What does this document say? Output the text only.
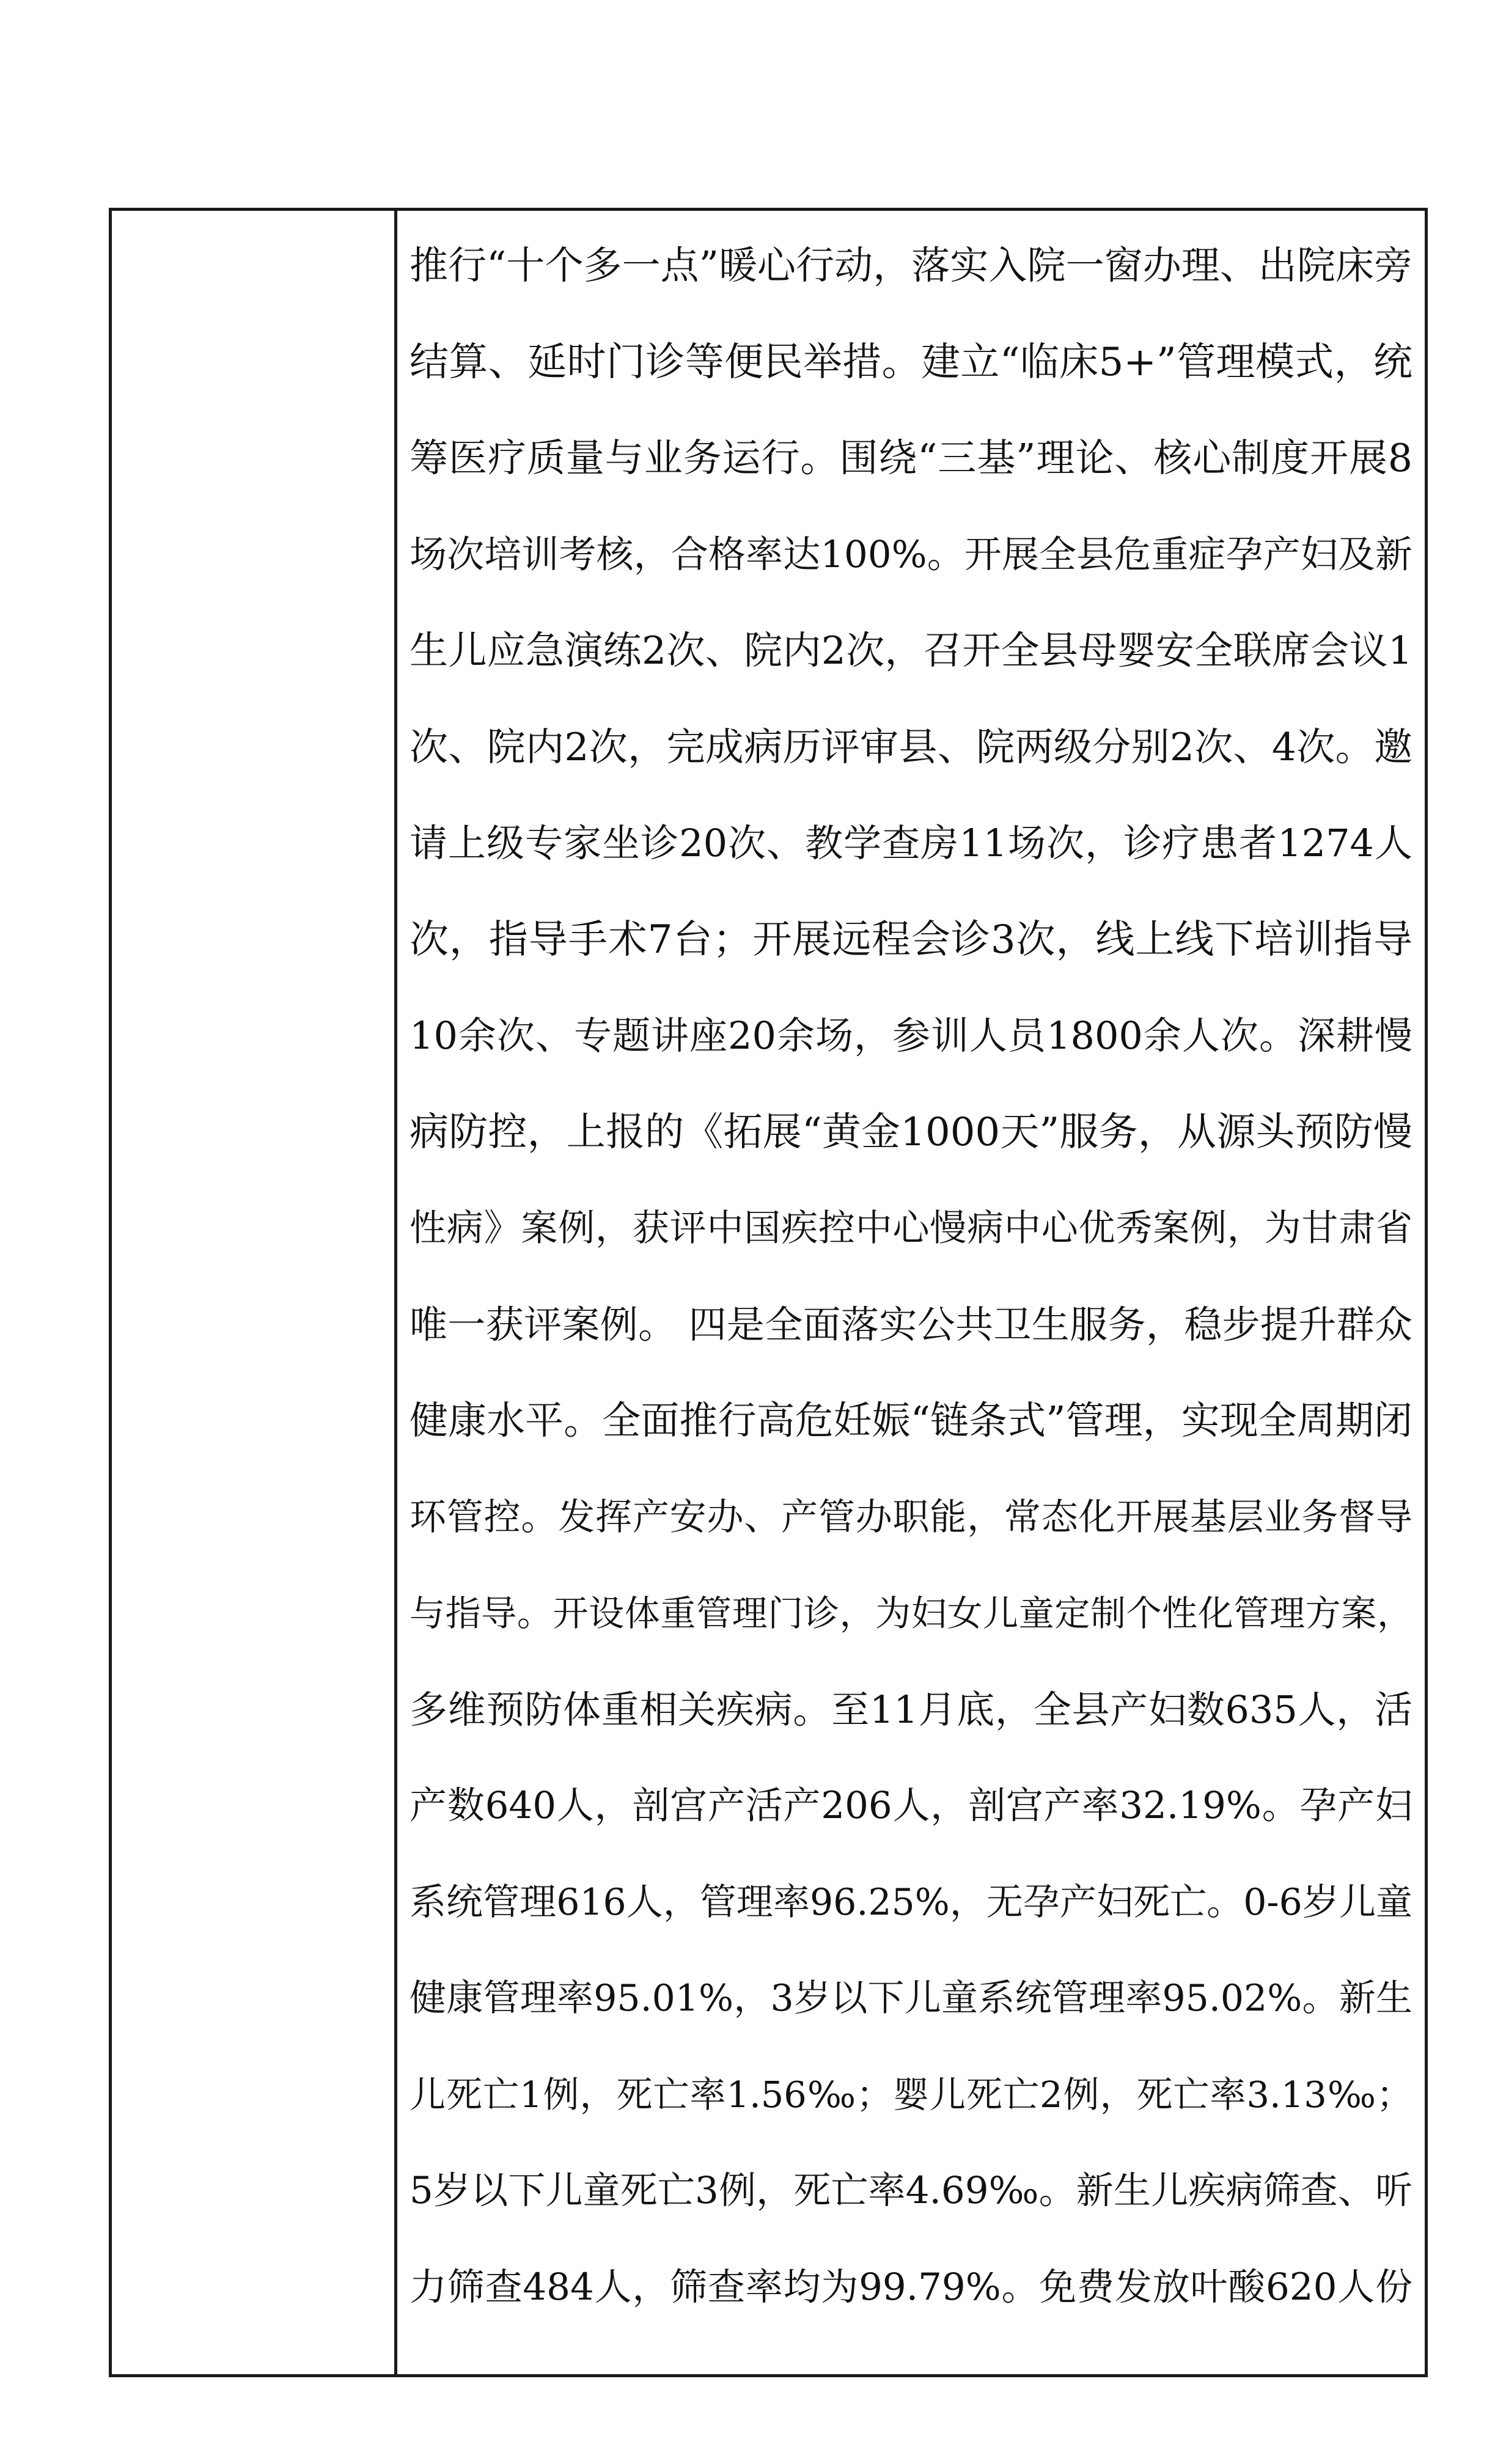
推行“十个多一点”暖心行动，落实入院一窗办理、出院床旁
结算、延时门诊等便民举措。建立“临床5+”管理模式，统
筹医疗质量与业务运行。围绕“三基”理论、核心制度开展8
场次培训考核，合格率达100%。开展全县危重症孕产妇及新
生儿应急演练2次、院内2次，召开全县母婴安全联席会议1
次、院内2次，完成病历评审县、院两级分别2次、4次。邀
请上级专家坐诊20次、教学查房11场次，诊疗患者1274人
次，指导手术7台；开展远程会诊3次，线上线下培训指导
10余次、专题讲座20余场，参训人员1800余人次。深耕慢
病防控，上报的《拓展“黄金1000天”服务，从源头预防慢
性病》案例，获评中国疾控中心慢病中心优秀案例，为甘肃省
唯一获评案例。 四是全面落实公共卫生服务，稳步提升群众
健康水平。全面推行高危妊娠“链条式”管理，实现全周期闭
环管控。发挥产安办、产管办职能，常态化开展基层业务督导
与指导。开设体重管理门诊，为妇女儿童定制个性化管理方案，
多维预防体重相关疾病。至11月底，全县产妇数635人，活
产数640人，剖宫产活产206人，剖宫产率32.19%。孕产妇
系统管理616人，管理率96.25%，无孕产妇死亡。0-6岁儿童
健康管理率95.01%，3岁以下儿童系统管理率95.02%。新生
儿死亡1例，死亡率1.56‰；婴儿死亡2例，死亡率3.13‰；
5岁以下儿童死亡3例，死亡率4.69‰。新生儿疾病筛查、听
力筛查484人，筛查率均为99.79%。免费发放叶酸620人份
